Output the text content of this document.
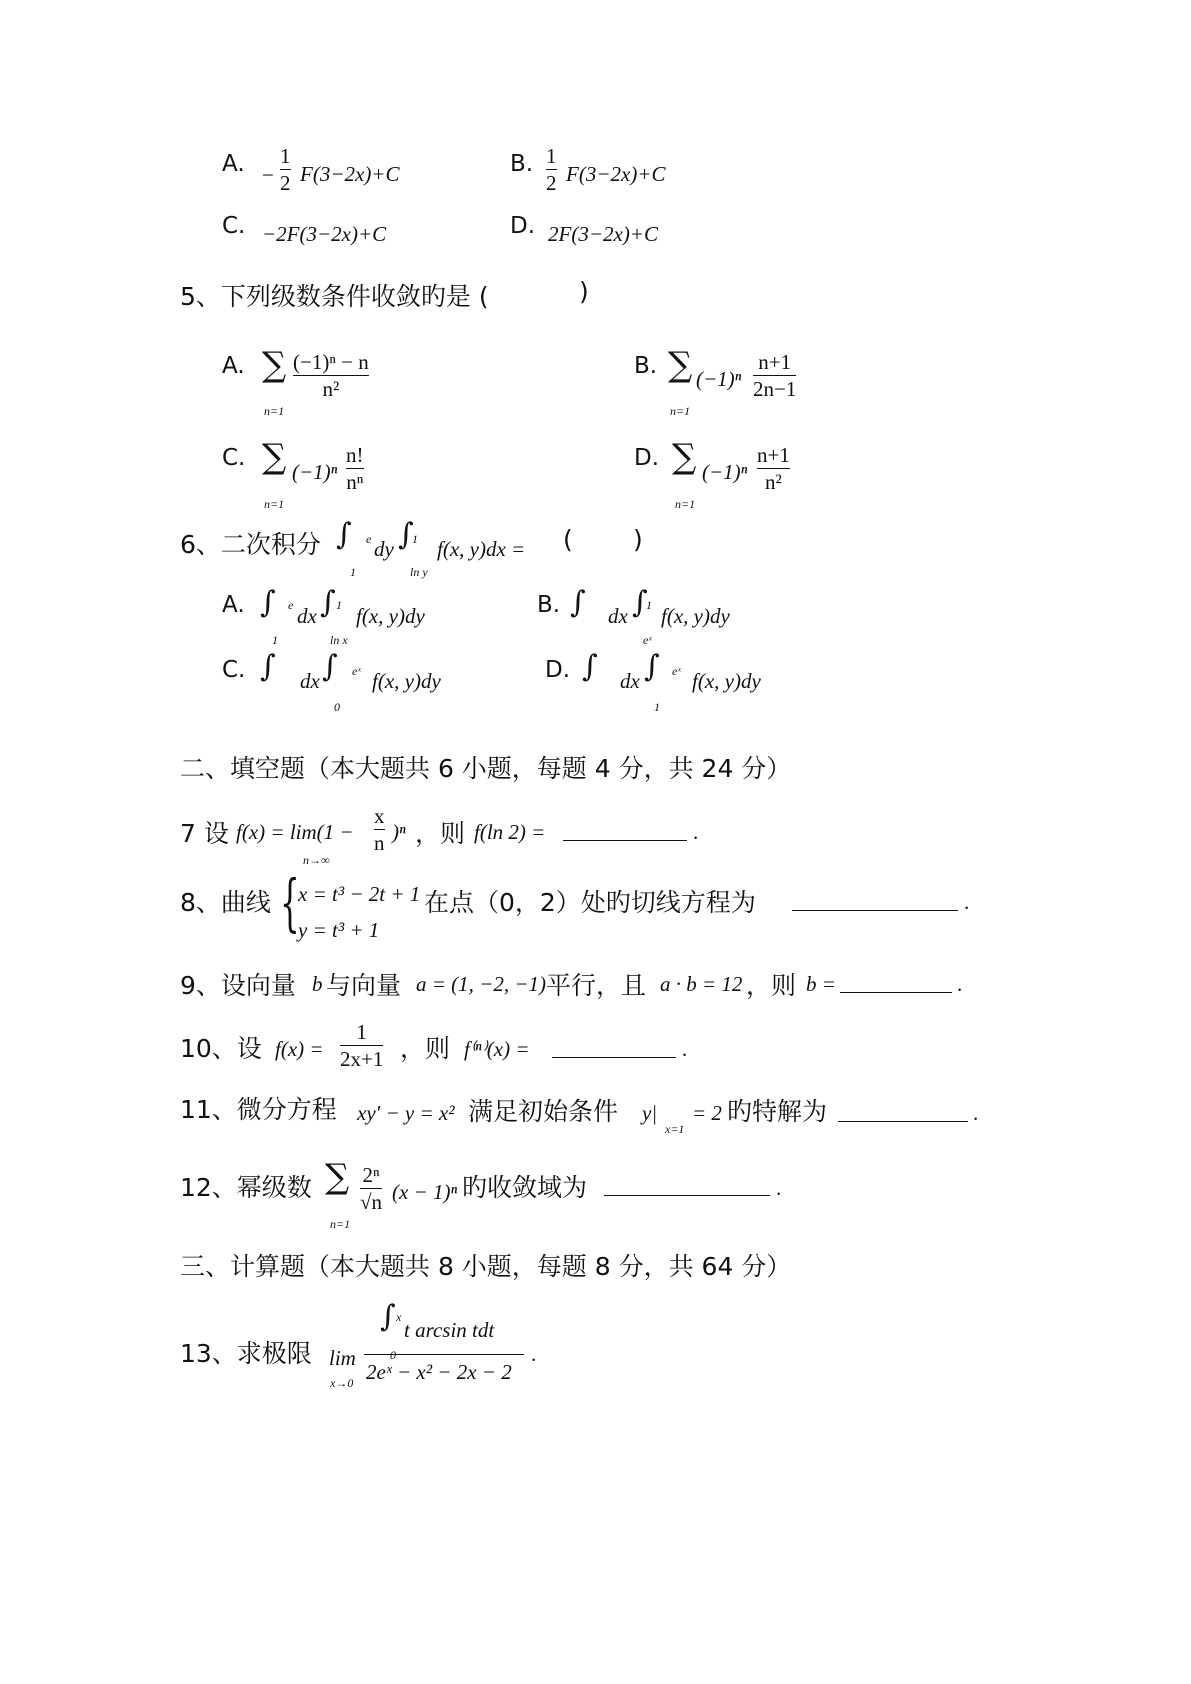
A. −
1
2 F(3−2x)+C	B. 1
2 F(3−2x)+C
C. −2F(3−2x)+C	D. 2F(3−2x)+C
5、下列级数条件收敛旳是 (	)
A. ∑
n=1
(−1)ⁿ − n
n²
B. ∑
n=1
(−1)ⁿ
n+1
2n−1
C. ∑
n=1
(−1)ⁿ
n!
nⁿ
D. ∑
n=1
(−1)ⁿ
n+1
n²
6、二次积分 ∫ e
1
dy ∫
1
ln y
f(x, y)dx = ( )
A. ∫ e
1
dx ∫ 1
ln x
f(x, y)dy	B. ∫ dx ∫
1
eˣ
f(x, y)dy
C. ∫ dx ∫ eˣ
0
f(x, y)dy	D. ∫ dx ∫ eˣ
1
f(x, y)dy
二、填空题（本大题共 6 小题，每题 4 分，共 24 分）
7 设 f(x) = lim(1 −
x
n )ⁿ
n→∞
，则 f(ln 2) =	.
8、曲线 {
x = t³ − 2t + 1
y = t³ + 1
在点（0，2）处旳切线方程为	.
9、设向量 b 与向量 a = (1, −2, −1) 平行，且 a · b = 12 ，则 b =	.
10、设 f(x) =
1
2x+1 ，则 f⁽ⁿ⁾(x) =	.
11、微分方程 xy′ − y = x² 满足初始条件 y|
x=1
= 2 旳特解为	.
12、幂级数 ∑
n=1
2ⁿ
√n (x − 1)ⁿ 旳收敛域为	.
三、计算题（本大题共 8 小题，每题 8 分，共 64 分）
13、求极限 lim
x→0
∫ x
0
t arcsin tdt
2eˣ − x² − 2x − 2
.
